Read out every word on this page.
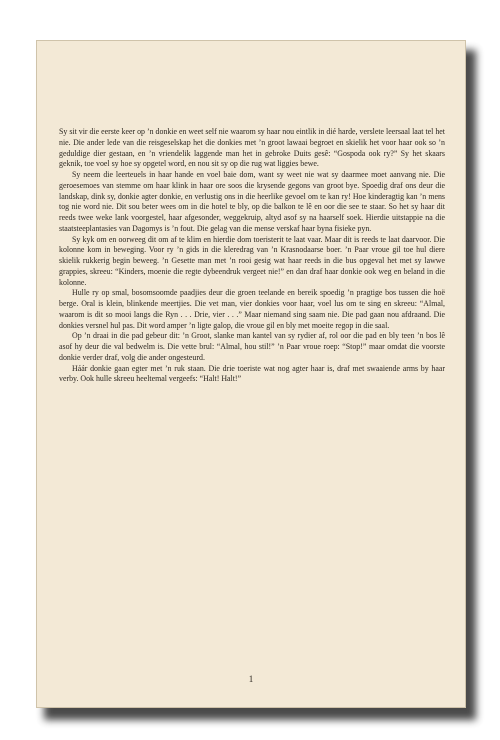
Sy sit vir die eerste keer op ’n donkie en weet self nie waarom sy haar nou eintlik in dié harde, verslete leersaal laat tel het nie. Die ander lede van die reisgeselskap het die donkies met ’n groot lawaai begroet en skielik het voor haar ook so ’n geduldige dier gestaan, en ’n vriendelik laggende man het in gebroke Duits gesê: “Gospoda ook ry?” Sy het skaars geknik, toe voel sy hoe sy opgetel word, en nou sit sy op die rug wat liggies bewe.

Sy neem die leerteuels in haar hande en voel baie dom, want sy weet nie wat sy daarmee moet aanvang nie. Die geroesemoes van stemme om haar klink in haar ore soos die krysende gegons van groot bye. Spoedig draf ons deur die landskap, dink sy, donkie agter donkie, en verlustig ons in die heerlike gevoel om te kan ry! Hoe kinderagtig kan ’n mens tog nie word nie. Dit sou beter wees om in die hotel te bly, op die balkon te lê en oor die see te staar. So het sy haar dit reeds twee weke lank voorgestel, haar afgesonder, weggekruip, altyd asof sy na haarself soek. Hierdie uitstappie na die staatsteeplantasies van Dagomys is ’n fout. Die gelag van die mense verskaf haar byna fisieke pyn.

Sy kyk om en oorweeg dit om af te klim en hierdie dom toeristerit te laat vaar. Maar dit is reeds te laat daarvoor. Die kolonne kom in beweging. Voor ry ’n gids in die kleredrag van ’n Krasnodaarse boer. ’n Paar vroue gil toe hul diere skielik rukkerig begin beweeg. ’n Gesette man met ’n rooi gesig wat haar reeds in die bus opgeval het met sy lawwe grappies, skreeu: “Kinders, moenie die regte dybeendruk vergeet nie!” en dan draf haar donkie ook weg en beland in die kolonne.

Hulle ry op smal, bosomsoomde paadjies deur die groen teelande en bereik spoedig ’n pragtige bos tussen die hoë berge. Oral is klein, blinkende meertjies. Die vet man, vier donkies voor haar, voel lus om te sing en skreeu: “Almal, waarom is dit so mooi langs die Ryn . . . Drie, vier . . .” Maar niemand sing saam nie. Die pad gaan nou afdraand. Die donkies versnel hul pas. Dit word amper ’n ligte galop, die vroue gil en bly met moeite regop in die saal.

Op ’n draai in die pad gebeur dit: ’n Groot, slanke man kantel van sy rydier af, rol oor die pad en bly teen ’n bos lê asof hy deur die val bedwelm is. Die vette brul: “Almal, hou stil!” ’n Paar vroue roep: “Stop!” maar omdat die voorste donkie verder draf, volg die ander ongesteurd.

Háár donkie gaan egter met ’n ruk staan. Die drie toeriste wat nog agter haar is, draf met swaaiende arms by haar verby. Ook hulle skreeu heeltemal vergeefs: “Halt! Halt!”

1
